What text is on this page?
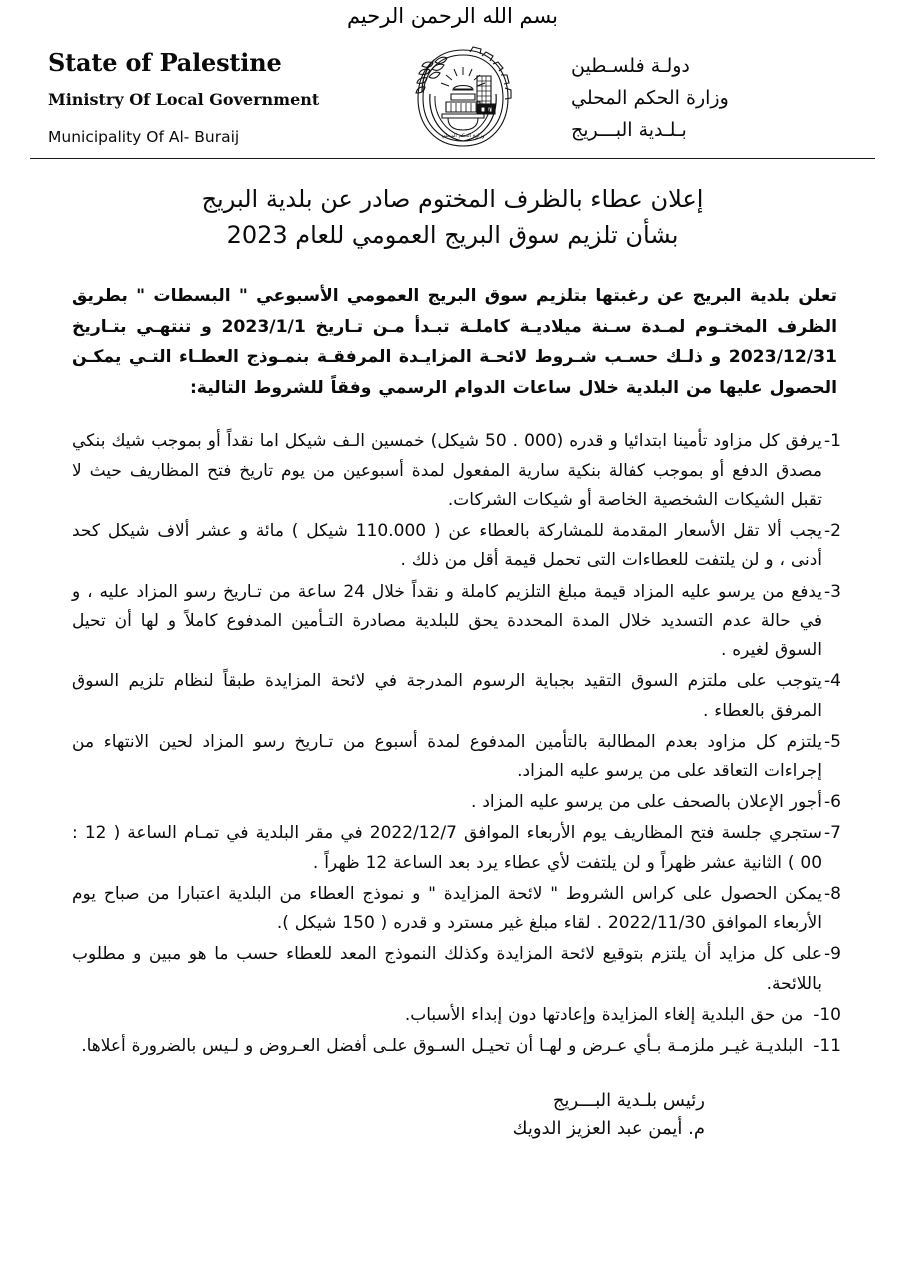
بسم الله الرحمن الرحيم
State of Palestine
Ministry Of Local Government
Municipality Of Al- Buraij	وزارة الحكم المحلي
دولـة فلسـطين
وزارة الحكم المحلي
بـلـدية البـــريج
إعلان عطاء بالظرف المختوم صادر عن بلدية البريج
بشأن تلزيم سوق البريج العمومي للعام 2023
تعلن بلدية البريج عن رغبتها بتلزيم سوق البريج العمومي الأسبوعي " البسطات " بطريق الظرف المختـوم لمـدة سـنة ميلاديـة كاملـة تبـدأ مـن تـاريخ 2023/1/1 و تنتهـي بتـاريخ 2023/12/31 و ذلـك حسـب شـروط لائحـة المزايـدة المرفقـة بنمـوذج العطـاء التـي يمكـن الحصول عليها من البلدية خلال ساعات الدوام الرسمي وفقاً للشروط التالية:
1-
يرفق كل مزاود تأمينا ابتدائيا و قدره (000 . 50 شيكل) خمسين الـف شيكل اما نقداً أو بموجب شيك بنكي مصدق الدفع أو بموجب كفالة بنكية سارية المفعول لمدة أسبوعين من يوم تاريخ فتح المظاريف حيث لا تقبل الشيكات الشخصية الخاصة أو شيكات الشركات.
2-
يجب ألا تقل الأسعار المقدمة للمشاركة بالعطاء عن ( 110.000 شيكل ) مائة و عشر ألاف شيكل كحد أدنى ، و لن يلتفت للعطاءات التى تحمل قيمة أقل من ذلك .
3-
يدفع من يرسو عليه المزاد قيمة مبلغ التلزيم كاملة و نقداً خلال 24 ساعة من تـاريخ رسو المزاد عليه ، و في حالة عدم التسديد خلال المدة المحددة يحق للبلدية مصادرة التـأمين المدفوع كاملاً و لها أن تحيل السوق لغيره .
4-
يتوجب على ملتزم السوق التقيد بجباية الرسوم المدرجة في لائحة المزايدة طبقاً لنظام تلزيم السوق المرفق بالعطاء .
5-
يلتزم كل مزاود بعدم المطالبة بالتأمين المدفوع لمدة أسبوع من تـاريخ رسو المزاد لحين الانتهاء من إجراءات التعاقد على من يرسو عليه المزاد.
6-
أجور الإعلان بالصحف على من يرسو عليه المزاد .
7-
ستجري جلسة فتح المظاريف يوم الأربعاء الموافق 2022/12/7 في مقر البلدية في تمـام الساعة ( 12 : 00 ) الثانية عشر ظهراً و لن يلتفت لأي عطاء يرد بعد الساعة 12 ظهراً .
8-
يمكن الحصول على كراس الشروط " لائحة المزايدة " و نموذج العطاء من البلدية اعتبارا من صباح يوم الأربعاء الموافق 2022/11/30 . لقاء مبلغ غير مسترد و قدره ( 150 شيكل ).
9-
على كل مزايد أن يلتزم بتوقيع لائحة المزايدة وكذلك النموذج المعد للعطاء حسب ما هو مبين و مطلوب باللائحة.
10-
من حق البلدية إلغاء المزايدة وإعادتها دون إبداء الأسباب.
11-
البلديـة غيـر ملزمـة بـأي عـرض و لهـا أن تحيـل السـوق علـى أفضل العـروض و لـيس بالضرورة أعلاها.
رئيس بلـدية البـــريج
م. أيمن عبد العزيز الدويك
